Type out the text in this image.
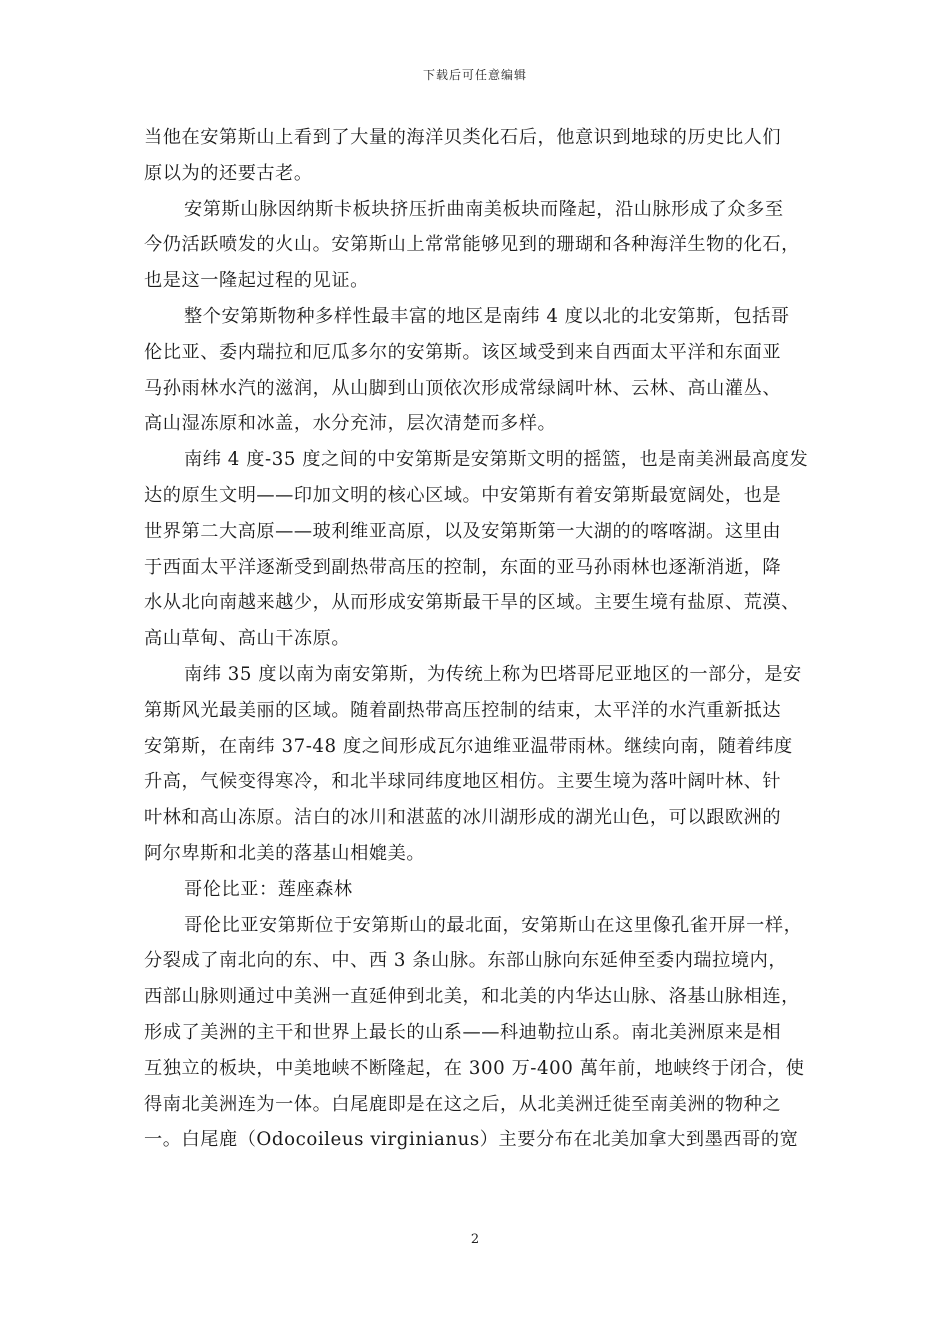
下载后可任意编辑
当他在安第斯山上看到了大量的海洋贝类化石后，他意识到地球的历史比人们
原以为的还要古老。
安第斯山脉因纳斯卡板块挤压折曲南美板块而隆起，沿山脉形成了众多至
今仍活跃喷发的火山。安第斯山上常常能够见到的珊瑚和各种海洋生物的化石，
也是这一隆起过程的见证。
整个安第斯物种多样性最丰富的地区是南纬 4 度以北的北安第斯，包括哥
伦比亚、委内瑞拉和厄瓜多尔的安第斯。该区域受到来自西面太平洋和东面亚
马孙雨林水汽的滋润，从山脚到山顶依次形成常绿阔叶林、云林、高山灌丛、
高山湿冻原和冰盖，水分充沛，层次清楚而多样。
南纬 4 度-35 度之间的中安第斯是安第斯文明的摇篮，也是南美洲最高度发
达的原生文明——印加文明的核心区域。中安第斯有着安第斯最宽阔处，也是
世界第二大高原——玻利维亚高原，以及安第斯第一大湖的的喀喀湖。这里由
于西面太平洋逐渐受到副热带高压的控制，东面的亚马孙雨林也逐渐消逝，降
水从北向南越来越少，从而形成安第斯最干旱的区域。主要生境有盐原、荒漠、
高山草甸、高山干冻原。
南纬 35 度以南为南安第斯，为传统上称为巴塔哥尼亚地区的一部分，是安
第斯风光最美丽的区域。随着副热带高压控制的结束，太平洋的水汽重新抵达
安第斯，在南纬 37-48 度之间形成瓦尔迪维亚温带雨林。继续向南，随着纬度
升高，气候变得寒冷，和北半球同纬度地区相仿。主要生境为落叶阔叶林、针
叶林和高山冻原。洁白的冰川和湛蓝的冰川湖形成的湖光山色，可以跟欧洲的
阿尔卑斯和北美的落基山相媲美。
哥伦比亚：莲座森林
哥伦比亚安第斯位于安第斯山的最北面，安第斯山在这里像孔雀开屏一样，
分裂成了南北向的东、中、西 3 条山脉。东部山脉向东延伸至委内瑞拉境内，
西部山脉则通过中美洲一直延伸到北美，和北美的内华达山脉、洛基山脉相连，
形成了美洲的主干和世界上最长的山系——科迪勒拉山系。南北美洲原来是相
互独立的板块，中美地峡不断隆起，在 300 万-400 萬年前，地峡终于闭合，使
得南北美洲连为一体。白尾鹿即是在这之后，从北美洲迁徙至南美洲的物种之
一。白尾鹿（Odocoileus virginianus）主要分布在北美加拿大到墨西哥的宽
2
